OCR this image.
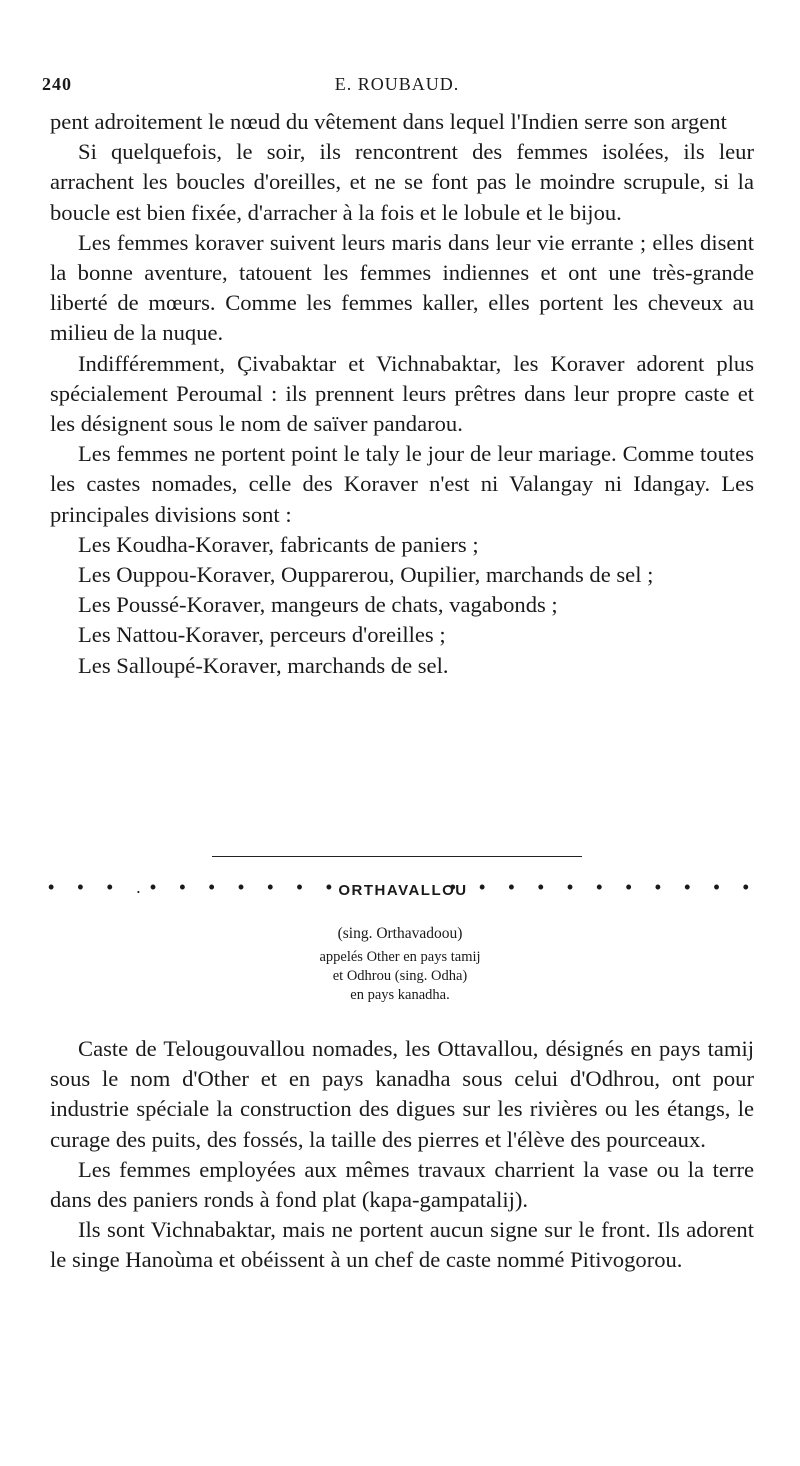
240	E. ROUBAUD.

pent adroitement le nœud du vêtement dans lequel l'Indien serre son argent

Si quelquefois, le soir, ils rencontrent des femmes isolées, ils leur arrachent les boucles d'oreilles, et ne se font pas le moindre scrupule, si la boucle est bien fixée, d'arracher à la fois et le lobule et le bijou.

Les femmes koraver suivent leurs maris dans leur vie errante ; elles disent la bonne aventure, tatouent les femmes indiennes et ont une très-grande liberté de mœurs. Comme les femmes kaller, elles portent les cheveux au milieu de la nuque.

Indifféremment, Çivabaktar et Vichnabaktar, les Koraver adorent plus spécialement Peroumal : ils prennent leurs prêtres dans leur propre caste et les désignent sous le nom de saïver pandarou.

Les femmes ne portent point le taly le jour de leur mariage. Comme toutes les castes nomades, celle des Koraver n'est ni Valangay ni Idangay. Les principales divisions sont :

Les Koudha-Koraver, fabricants de paniers ;

Les Ouppou-Koraver, Oupparerou, Oupilier, marchands de sel ;

Les Poussé-Koraver, mangeurs de chats, vagabonds ;

Les Nattou-Koraver, perceurs d'oreilles ;

Les Salloupé-Koraver, marchands de sel.

• • • .• • • • • • •
ORTHAVALLOU
• • • • • • • • • • •
(sing. Orthavadoou)
appelés Other en pays tamij
et Odhrou (sing. Odha)
en pays kanadha.

Caste de Telougouvallou nomades, les Ottavallou, désignés en pays tamij sous le nom d'Other et en pays kanadha sous celui d'Odhrou, ont pour industrie spéciale la construction des digues sur les rivières ou les étangs, le curage des puits, des fossés, la taille des pierres et l'élève des pourceaux.

Les femmes employées aux mêmes travaux charrient la vase ou la terre dans des paniers ronds à fond plat (kapa-gampatalij).

Ils sont Vichnabaktar, mais ne portent aucun signe sur le front. Ils adorent le singe Hanoùma et obéissent à un chef de caste nommé Pitivogorou.
